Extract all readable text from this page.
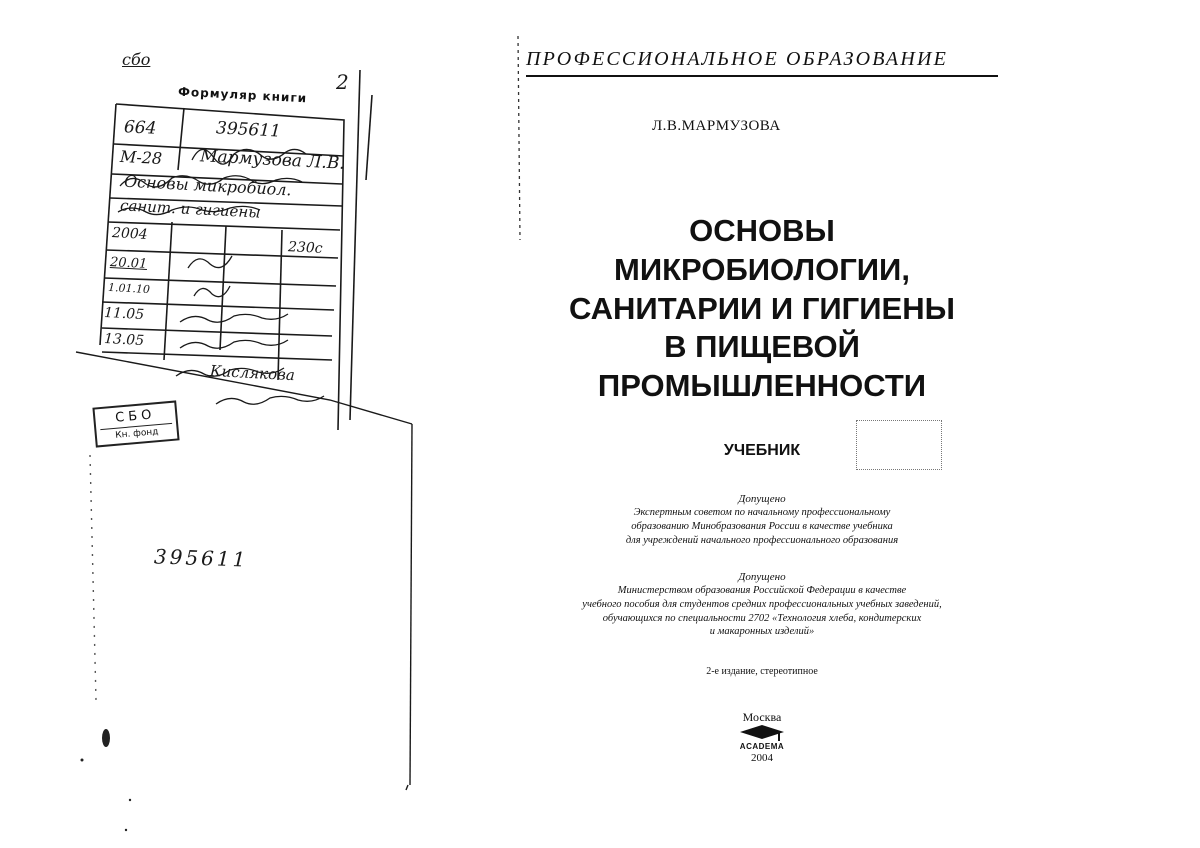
сбо
2
Формуляр книги
664	395611
М-28 Мармузова Л.В.
Основы микробиол.
санит. и гигиены
2004
230с
20.01
1.01.10
11.05
13.05
Кислякова
СБО
Кн. фонд
395611
ПРОФЕССИОНАЛЬНОЕ ОБРАЗОВАНИЕ
Л.В.МАРМУЗОВА
ОСНОВЫ
МИКРОБИОЛОГИИ,
САНИТАРИИ И ГИГИЕНЫ
В ПИЩЕВОЙ
ПРОМЫШЛЕННОСТИ
УЧЕБНИК
Допущено
Экспертным советом по начальному профессиональному
образованию Минобразования России в качестве учебника
для учреждений начального профессионального образования
Допущено
Министерством образования Российской Федерации в качестве
учебного пособия для студентов средних профессиональных учебных заведений,
обучающихся по специальности 2702 «Технология хлеба, кондитерских
и макаронных изделий»
2-е издание, стереотипное
Москва
ACADEMA
2004
